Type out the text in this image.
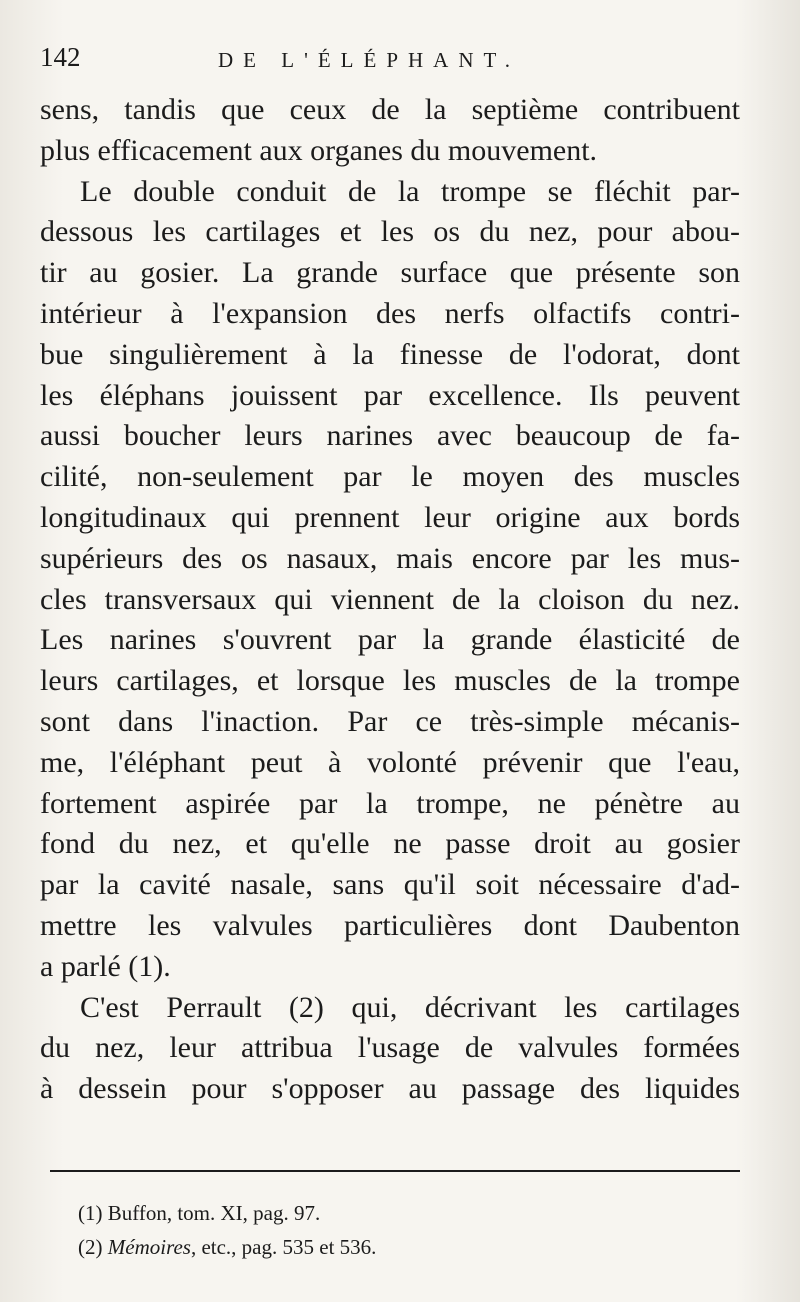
142	DE L'ÉLÉPHANT.
sens, tandis que ceux de la septième contribuent
plus efficacement aux organes du mouvement.
Le double conduit de la trompe se fléchit par-
dessous les cartilages et les os du nez, pour abou-
tir au gosier. La grande surface que présente son
intérieur à l'expansion des nerfs olfactifs contri-
bue singulièrement à la finesse de l'odorat, dont
les éléphans jouissent par excellence. Ils peuvent
aussi boucher leurs narines avec beaucoup de fa-
cilité, non-seulement par le moyen des muscles
longitudinaux qui prennent leur origine aux bords
supérieurs des os nasaux, mais encore par les mus-
cles transversaux qui viennent de la cloison du nez.
Les narines s'ouvrent par la grande élasticité de
leurs cartilages, et lorsque les muscles de la trompe
sont dans l'inaction. Par ce très-simple mécanis-
me, l'éléphant peut à volonté prévenir que l'eau,
fortement aspirée par la trompe, ne pénètre au
fond du nez, et qu'elle ne passe droit au gosier
par la cavité nasale, sans qu'il soit nécessaire d'ad-
mettre les valvules particulières dont Daubenton
a parlé (1).
C'est Perrault (2) qui, décrivant les cartilages
du nez, leur attribua l'usage de valvules formées
à dessein pour s'opposer au passage des liquides
(1) Buffon, tom. XI, pag. 97.
(2) Mémoires, etc., pag. 535 et 536.
